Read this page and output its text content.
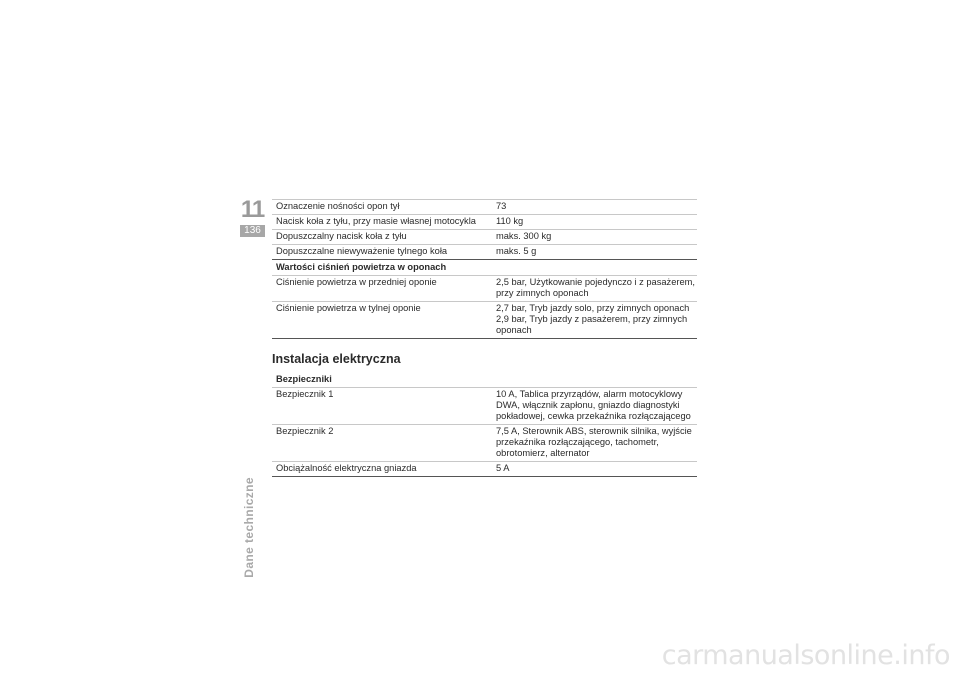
11
136
Dane techniczne
Oznaczenie nośności opon tył	73
Nacisk koła z tyłu, przy masie własnej motocykla	110 kg
Dopuszczalny nacisk koła z tyłu	maks. 300 kg
Dopuszczalne niewyważenie tylnego koła	maks. 5 g
Wartości ciśnień powietrza w oponach	
Ciśnienie powietrza w przedniej oponie	2,5 bar, Użytkowanie pojedynczo i z pasażerem, przy zimnych oponach
Ciśnienie powietrza w tylnej oponie	2,7 bar, Tryb jazdy solo, przy zimnych oponach 2,9 bar, Tryb jazdy z pasażerem, przy zimnych oponach
Instalacja elektryczna
Bezpieczniki	
Bezpiecznik 1	10 A, Tablica przyrządów, alarm motocyklowy DWA, włącznik zapłonu, gniazdo diagnostyki pokładowej, cewka przekaźnika rozłączającego
Bezpiecznik 2	7,5 A, Sterownik ABS, sterownik silnika, wyjście przekaźnika rozłączającego, tachometr, obrotomierz, alternator
Obciążalność elektryczna gniazda	5 A
carmanualsonline.info
